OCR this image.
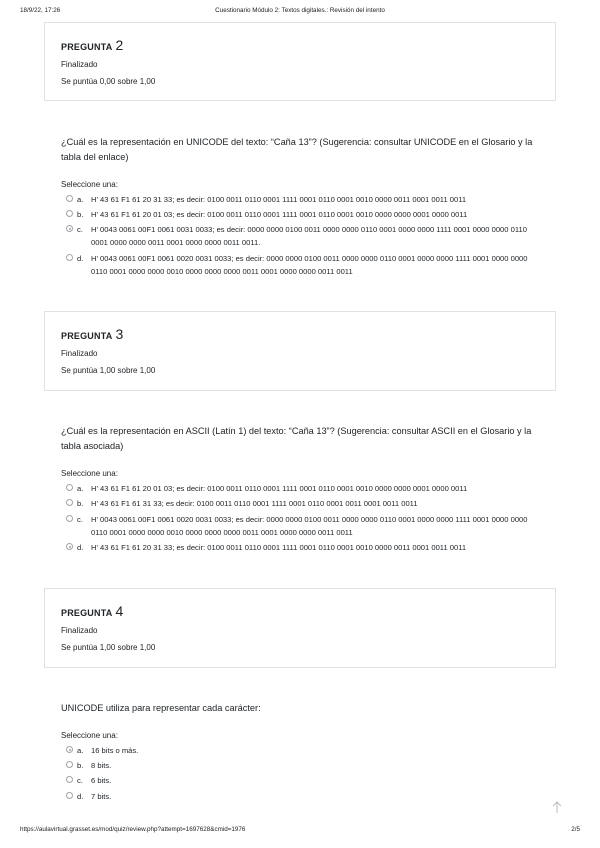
18/9/22, 17:26	Cuestionario Módulo 2: Textos digitales.: Revisión del intento
PREGUNTA 2
Finalizado
Se puntúa 0,00 sobre 1,00
¿Cuál es la representación en UNICODE del texto: “Caña 13”? (Sugerencia: consultar UNICODE en el Glosario y la tabla del enlace)
Seleccione una:
a. H' 43 61 F1 61 20 31 33; es decir: 0100 0011 0110 0001 1111 0001 0110 0001 0010 0000 0011 0001 0011 0011
b. H' 43 61 F1 61 20 01 03; es decir: 0100 0011 0110 0001 1111 0001 0110 0001 0010 0000 0000 0001 0000 0011
c. H' 0043 0061 00F1 0061 0031 0033; es decir: 0000 0000 0100 0011 0000 0000 0110 0001 0000 0000 1111 0001 0000 0000 0110 0001 0000 0000 0011 0001 0000 0000 0011 0011.
d. H' 0043 0061 00F1 0061 0020 0031 0033; es decir: 0000 0000 0100 0011 0000 0000 0110 0001 0000 0000 1111 0001 0000 0000 0110 0001 0000 0000 0010 0000 0000 0000 0011 0001 0000 0000 0011 0011
PREGUNTA 3
Finalizado
Se puntúa 1,00 sobre 1,00
¿Cuál es la representación en ASCII (Latín 1) del texto: “Caña 13”? (Sugerencia: consultar ASCII en el Glosario y la tabla asociada)
Seleccione una:
a. H' 43 61 F1 61 20 01 03; es decir: 0100 0011 0110 0001 1111 0001 0110 0001 0010 0000 0000 0001 0000 0011
b. H' 43 61 F1 61 31 33; es decir: 0100 0011 0110 0001 1111 0001 0110 0001 0011 0001 0011 0011
c. H' 0043 0061 00F1 0061 0020 0031 0033; es decir: 0000 0000 0100 0011 0000 0000 0110 0001 0000 0000 1111 0001 0000 0000 0110 0001 0000 0000 0010 0000 0000 0000 0011 0001 0000 0000 0011 0011
d. H' 43 61 F1 61 20 31 33; es decir: 0100 0011 0110 0001 1111 0001 0110 0001 0010 0000 0011 0001 0011 0011
PREGUNTA 4
Finalizado
Se puntúa 1,00 sobre 1,00
UNICODE utiliza para representar cada carácter:
Seleccione una:
a. 16 bits o más.
b. 8 bits.
c. 6 bits.
d. 7 bits.
https://aulavirtual.grasset.es/mod/quiz/review.php?attempt=1697628&cmid=1976	2/5
